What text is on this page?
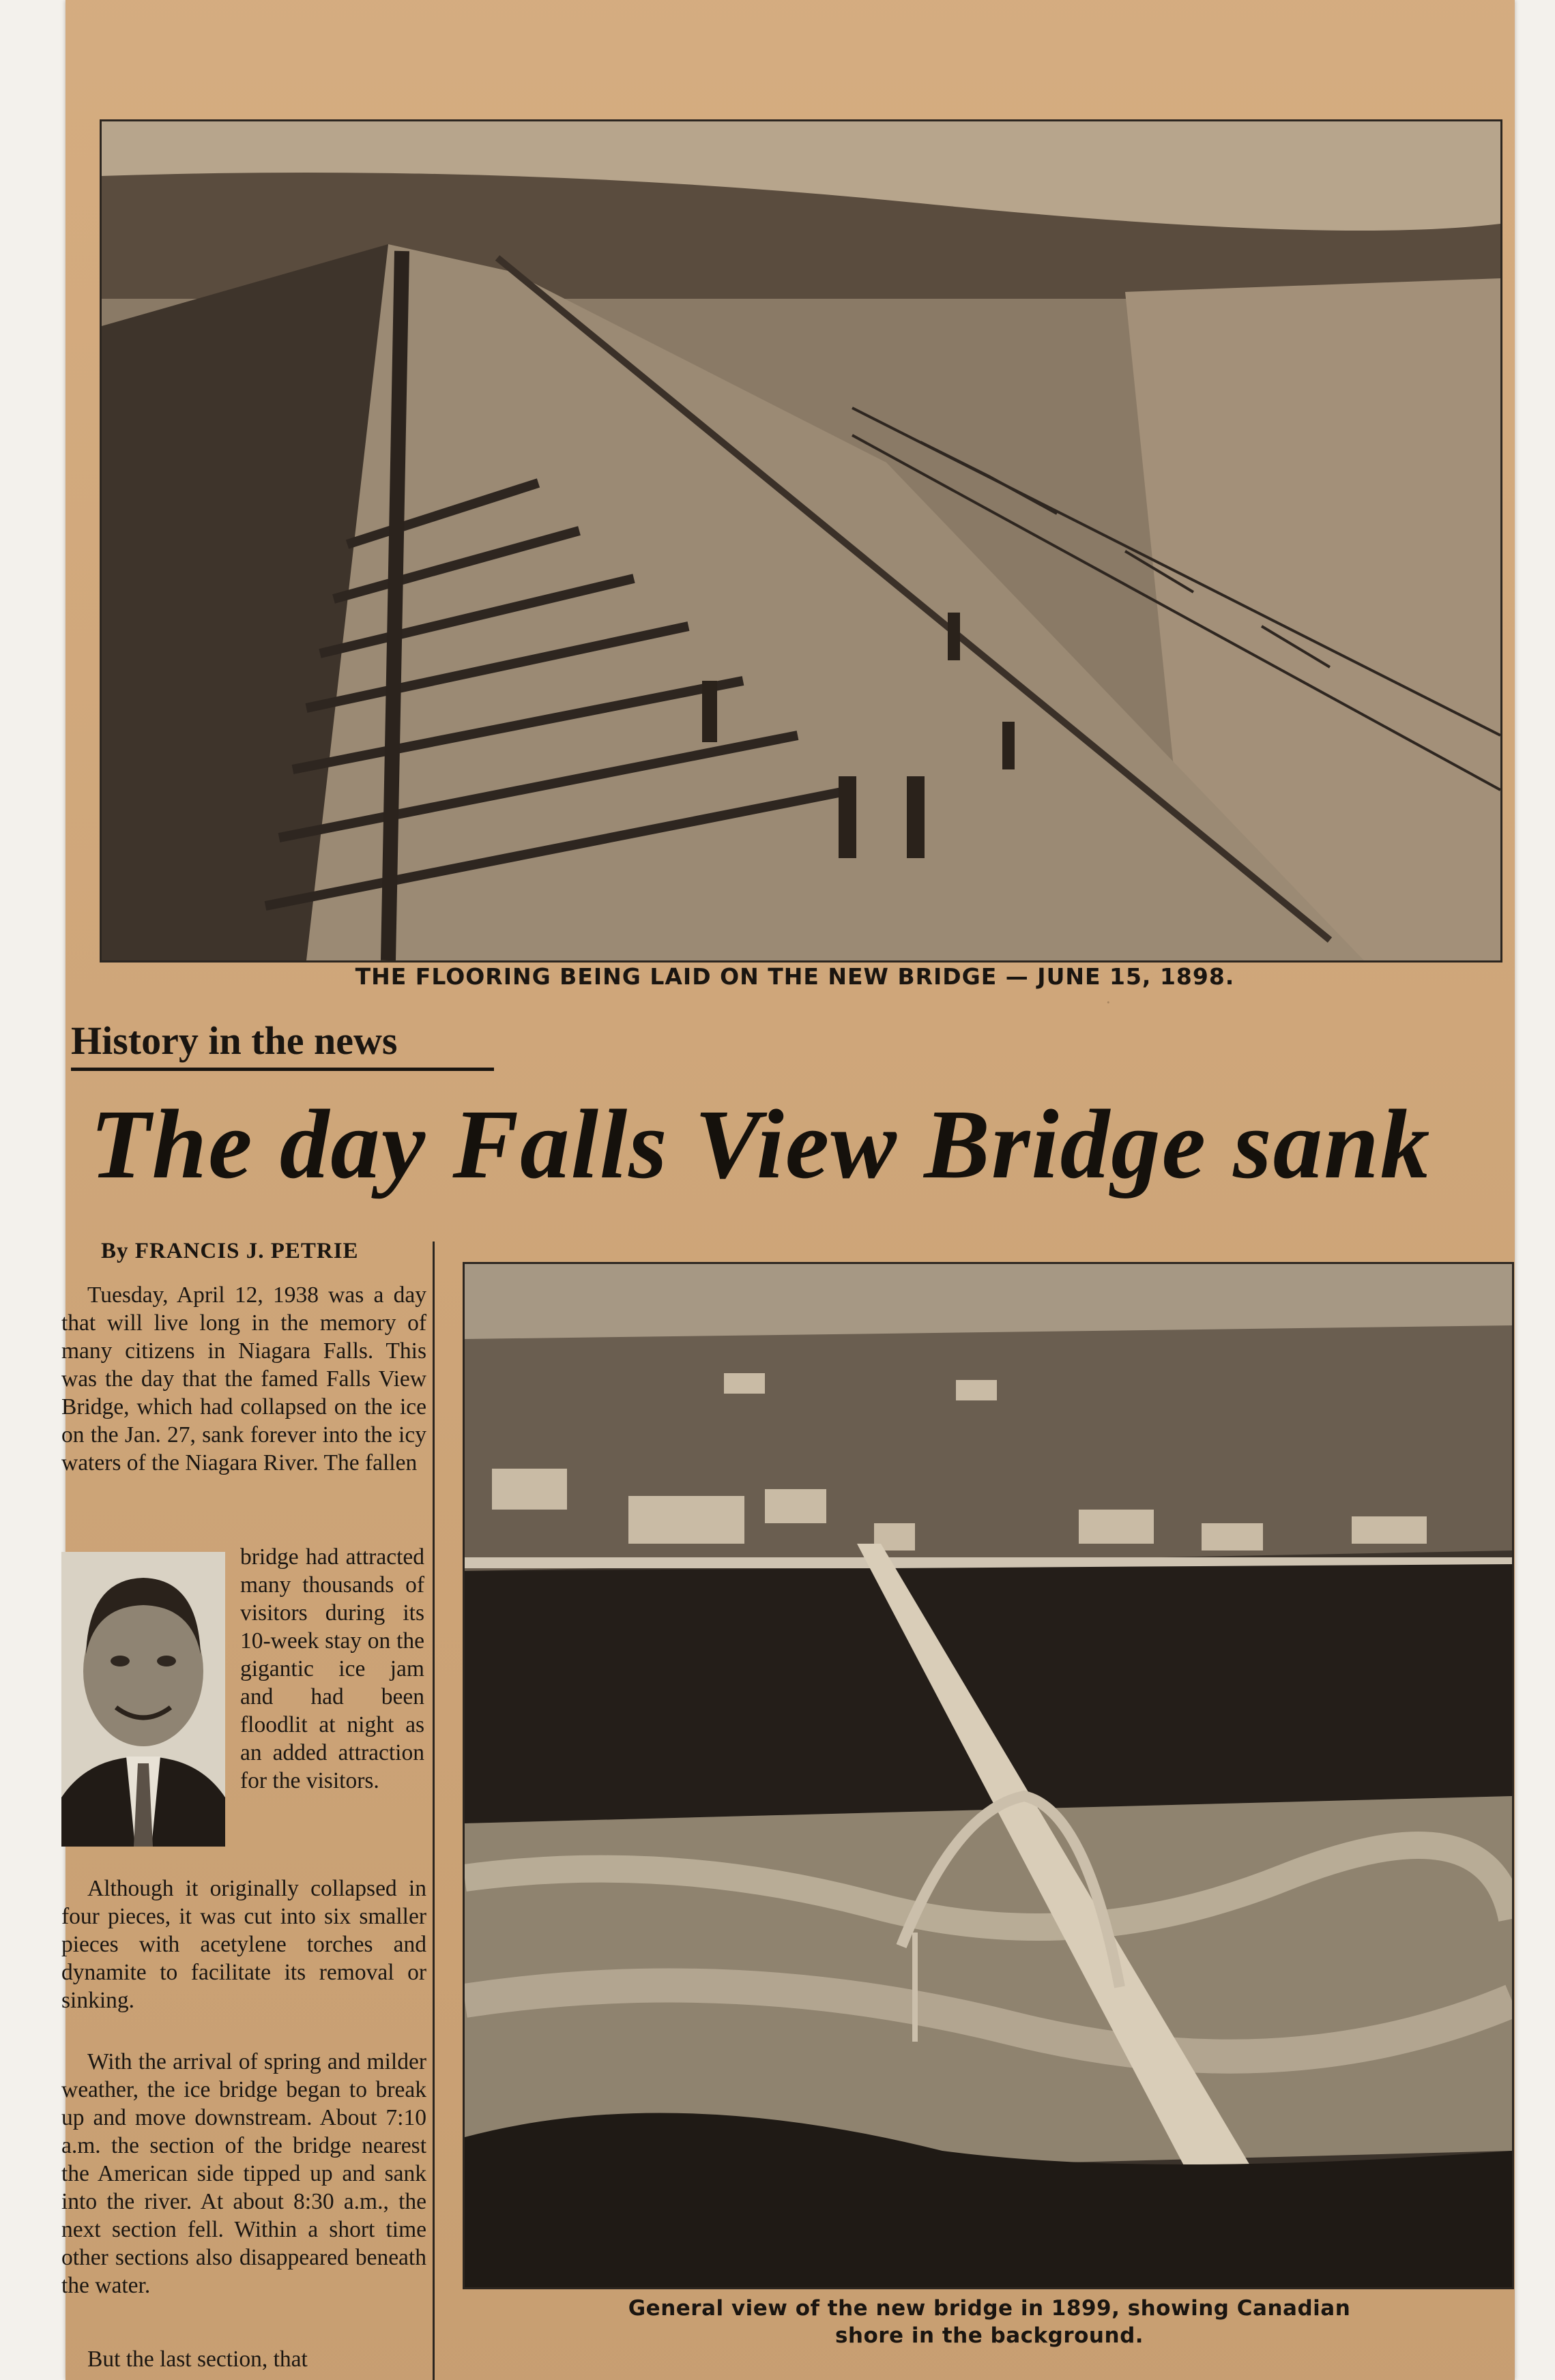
THE FLOORING BEING LAID ON THE NEW BRIDGE — JUNE 15, 1898.
·
History in the news
The day Falls View Bridge sank
By FRANCIS J. PETRIE

Tuesday, April 12, 1938 was a day that will live long in the memory of many citizens in Niagara Falls. This was the day that the famed Falls View Bridge, which had collapsed on the ice on the Jan. 27, sank forever into the icy waters of the Niagara River. The fallen

bridge had attracted many thousands of visitors during its 10-week stay on the gigantic ice jam and had been floodlit at night as an added attraction for the visitors.

Although it originally collapsed in four pieces, it was cut into six smaller pieces with acetylene torches and dynamite to facilitate its removal or sinking.

With the arrival of spring and milder weather, the ice bridge began to break up and move downstream. About 7:10 a.m. the section of the bridge nearest the American side tipped up and sank into the river. At about 8:30 a.m., the next section fell. Within a short time other sections also disappeared beneath the water.

But the last section, that

General view of the new bridge in 1899, showing Canadian
shore in the background.
